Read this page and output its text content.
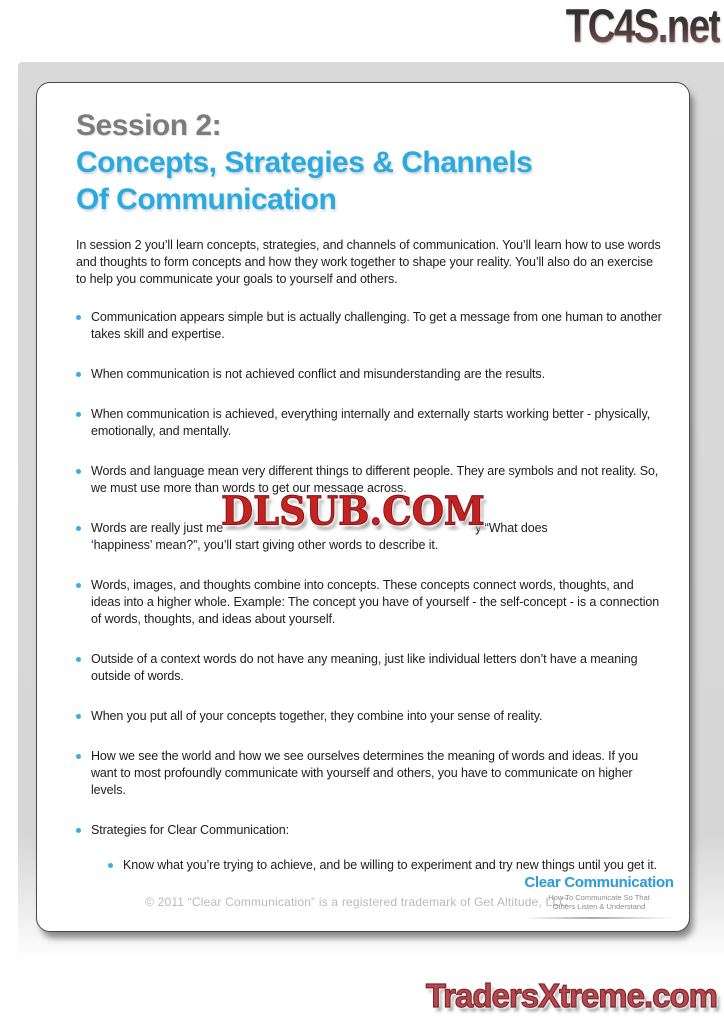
TC4S.net
Session 2:
Concepts, Strategies & Channels
Of Communication

In session 2 you’ll learn concepts, strategies, and channels of communication. You’ll learn how to use words and thoughts to form concepts and how they work together to shape your reality. You’ll also do an exercise to help you communicate your goals to yourself and others.

Communication appears simple but is actually challenging. To get a message from one human to another takes skill and expertise.
When communication is not achieved conflict and misunderstanding are the results.
When communication is achieved, everything internally and externally starts working better - physically, emotionally, and mentally.
Words and language mean very different things to different people. They are symbols and not reality. So, we must use more than words to get our message across.
Words are really just me	y “What does
‘happiness’ mean?”, you’ll start giving other words to describe it.
Words, images, and thoughts combine into concepts. These concepts connect words, thoughts, and ideas into a higher whole. Example: The concept you have of yourself - the self-concept - is a connection of words, thoughts, and ideas about yourself.
Outside of a context words do not have any meaning, just like individual letters don’t have a meaning outside of words.
When you put all of your concepts together, they combine into your sense of reality.
How we see the world and how we see ourselves determines the meaning of words and ideas. If you want to most profoundly communicate with yourself and others, you have to communicate on higher levels.
Strategies for Clear Communication:
Know what you’re trying to achieve, and be willing to experiment and try new things until you get it.
DLSUB.COM
© 2011 “Clear Communication” is a registered trademark of Get Altitude, LLC
Clear Communication
How To Communicate So That
Others Listen & Understand
TradersXtreme.com
